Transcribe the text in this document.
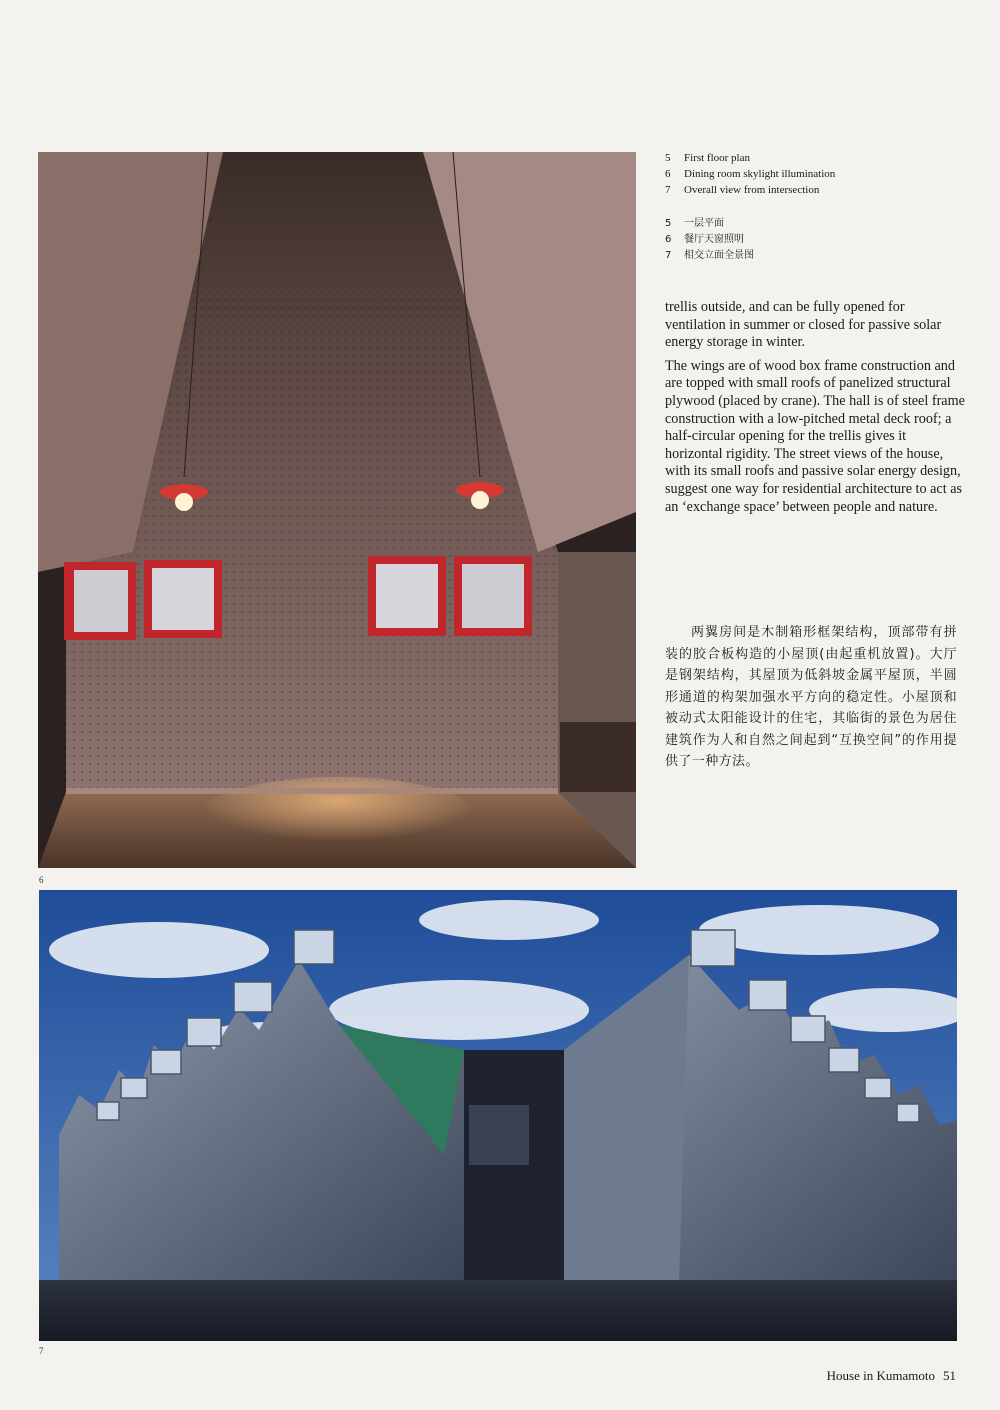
6
7
5	First floor plan
6	Dining room skylight illumination
7	Overall view from intersection
5	一层平面
6	餐厅天窗照明
7	相交立面全景图

trellis outside, and can be fully opened for ventilation in summer or closed for passive solar energy storage in winter.

The wings are of wood box frame construction and are topped with small roofs of panelized structural plywood (placed by crane). The hall is of steel frame construction with a low-pitched metal deck roof; a half-circular opening for the trellis gives it horizontal rigidity. The street views of the house, with its small roofs and passive solar energy design, suggest one way for residential architecture to act as an ‘exchange space’ between people and nature.

两翼房间是木制箱形框架结构，顶部带有拼装的胶合板构造的小屋顶(由起重机放置)。大厅是钢架结构，其屋顶为低斜坡金属平屋顶，半圆形通道的构架加强水平方向的稳定性。小屋顶和被动式太阳能设计的住宅，其临街的景色为居住建筑作为人和自然之间起到“互换空间”的作用提供了一种方法。

House in Kumamoto 51
